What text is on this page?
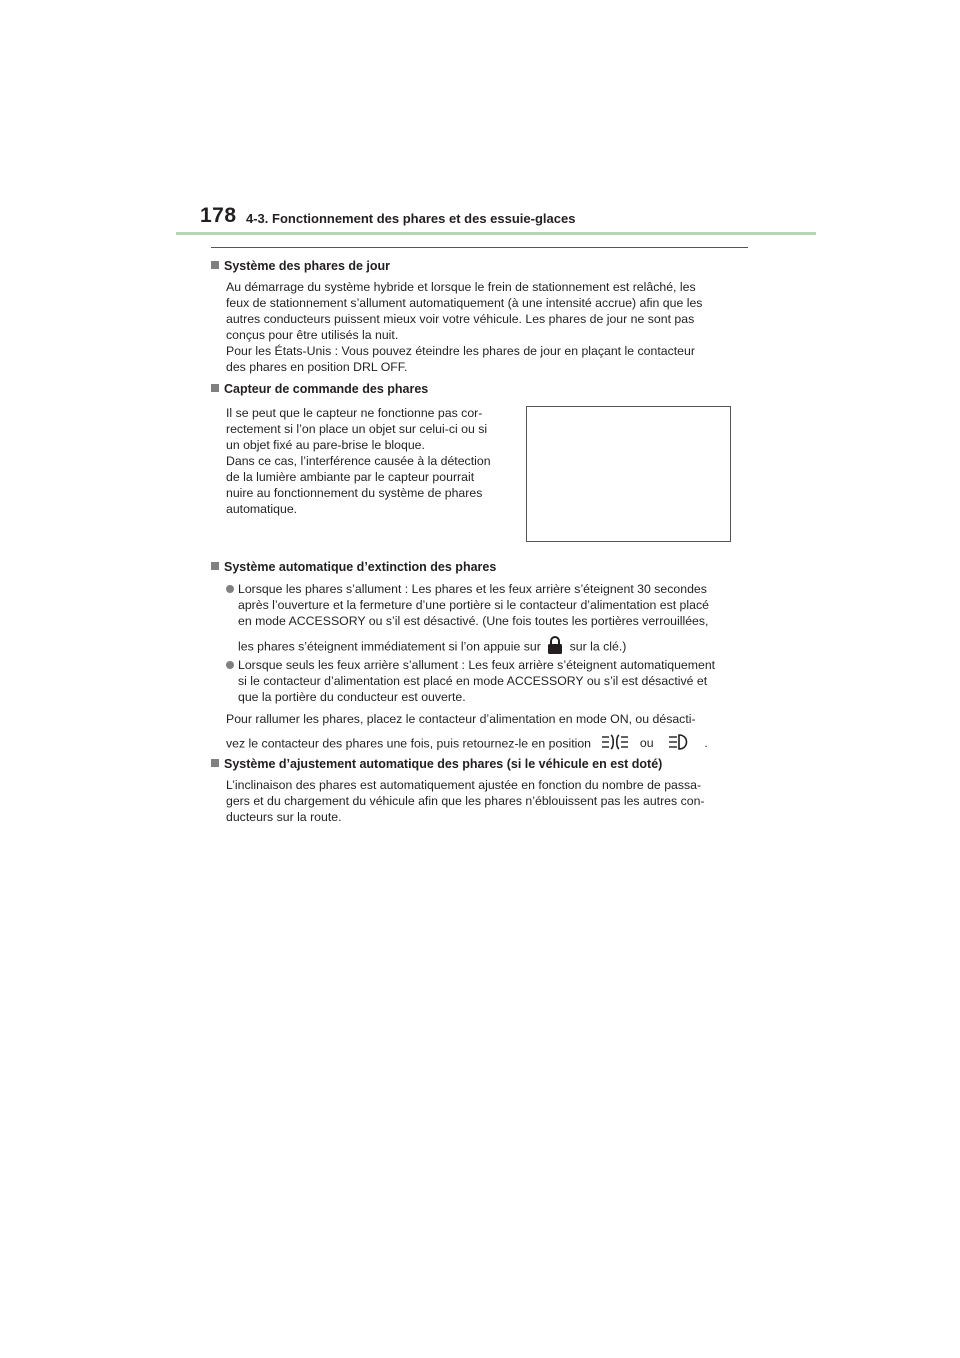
178 4-3. Fonctionnement des phares et des essuie-glaces
Système des phares de jour
Au démarrage du système hybride et lorsque le frein de stationnement est relâché, les
feux de stationnement s’allument automatiquement (à une intensité accrue) afin que les
autres conducteurs puissent mieux voir votre véhicule. Les phares de jour ne sont pas
conçus pour être utilisés la nuit.
Pour les États-Unis : Vous pouvez éteindre les phares de jour en plaçant le contacteur
des phares en position DRL OFF.
Capteur de commande des phares
Il se peut que le capteur ne fonctionne pas cor-
rectement si l’on place un objet sur celui-ci ou si
un objet fixé au pare-brise le bloque.
Dans ce cas, l’interférence causée à la détection
de la lumière ambiante par le capteur pourrait
nuire au fonctionnement du système de phares
automatique.
Système automatique d’extinction des phares
Lorsque les phares s’allument : Les phares et les feux arrière s’éteignent 30 secondes
après l’ouverture et la fermeture d’une portière si le contacteur d’alimentation est placé
en mode ACCESSORY ou s’il est désactivé. (Une fois toutes les portières verrouillées,
les phares s’éteignent immédiatement si l’on appuie sur sur la clé.)
Lorsque seuls les feux arrière s’allument : Les feux arrière s’éteignent automatiquement
si le contacteur d’alimentation est placé en mode ACCESSORY ou s’il est désactivé et
que la portière du conducteur est ouverte.
Pour rallumer les phares, placez le contacteur d’alimentation en mode ON, ou désacti-
vez le contacteur des phares une fois, puis retournez-le en position	ou	.
Système d’ajustement automatique des phares (si le véhicule en est doté)
L’inclinaison des phares est automatiquement ajustée en fonction du nombre de passa-
gers et du chargement du véhicule afin que les phares n’éblouissent pas les autres con-
ducteurs sur la route.
